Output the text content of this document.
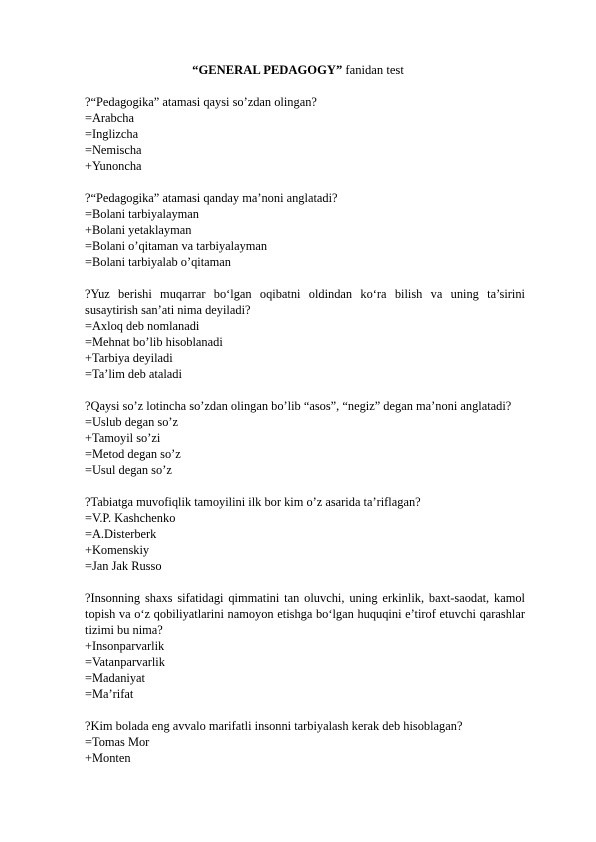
“GENERAL PEDAGOGY” fanidan test

?“Pedagogika” atamasi qaysi so’zdan olingan?

=Arabcha

=Inglizcha

=Nemischa

+Yunoncha

?“Pedagogika” atamasi qanday ma’noni anglatadi?

=Bolani tarbiyalayman

+Bolani yetaklayman

=Bolani o’qitaman va tarbiyalayman

=Bolani tarbiyalab o’qitaman

?Yuz berishi muqarrar bo‘lgan oqibatni oldindan ko‘ra bilish va uning ta’sirini susaytirish san’ati nima deyiladi?

=Axloq deb nomlanadi

=Mehnat bo’lib hisoblanadi

+Tarbiya deyiladi

=Ta’lim deb ataladi

?Qaysi so’z lotincha so’zdan olingan bo’lib “asos”, “negiz” degan ma’noni anglatadi?

=Uslub degan so’z

+Tamoyil so’zi

=Metod degan so’z

=Usul degan so’z

?Tabiatga muvofiqlik tamoyilini ilk bor kim o’z asarida ta’riflagan?

=V.P. Kashchenko

=A.Disterberk

+Komenskiy

=Jan Jak Russo

?Insonning shaxs sifatidagi qimmatini tan oluvchi, uning erkinlik, baxt-saodat, kamol topish va o‘z qobiliyatlarini namoyon etishga bo‘lgan huquqini e’tirof etuvchi qarashlar tizimi bu nima?

+Insonparvarlik

=Vatanparvarlik

=Madaniyat

=Ma’rifat

?Kim bolada eng avvalo marifatli insonni tarbiyalash kerak deb hisoblagan?

=Tomas Mor

+Monten
